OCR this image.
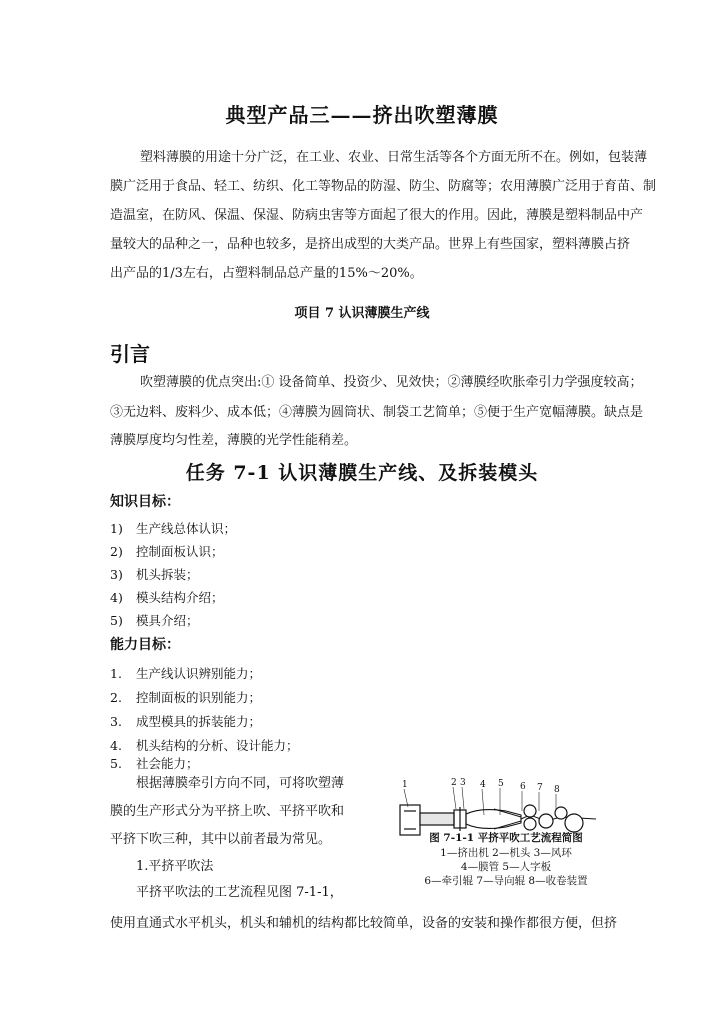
典型产品三——挤出吹塑薄膜
塑料薄膜的用途十分广泛，在工业、农业、日常生活等各个方面无所不在。例如，包装薄
膜广泛用于食品、轻工、纺织、化工等物品的防湿、防尘、防腐等；农用薄膜广泛用于育苗、制
造温室，在防风、保温、保湿、防病虫害等方面起了很大的作用。因此，薄膜是塑料制品中产
量较大的品种之一，品种也较多，是挤出成型的大类产品。世界上有些国家，塑料薄膜占挤
出产品的1/3左右，占塑料制品总产量的15%～20%。
项目 7 认识薄膜生产线
引言
吹塑薄膜的优点突出:① 设备简单、投资少、见效快；②薄膜经吹胀牵引力学强度较高；
③无边料、废料少、成本低；④薄膜为圆筒状、制袋工艺简单；⑤便于生产宽幅薄膜。缺点是
薄膜厚度均匀性差，薄膜的光学性能稍差。
任务 7-1 认识薄膜生产线、及拆装模头
知识目标：
1) 生产线总体认识；
2) 控制面板认识；
3) 机头拆装；
4) 模头结构介绍；
5) 模具介绍；
能力目标：
1. 生产线认识辨别能力；
2. 控制面板的识别能力；
3. 成型模具的拆装能力；
4. 机头结构的分析、设计能力；
5. 社会能力；
根据薄膜牵引方向不同，可将吹塑薄
膜的生产形式分为平挤上吹、平挤平吹和
平挤下吹三种，其中以前者最为常见。
1.平挤平吹法
平挤平吹法的工艺流程见图 7-1-1，
使用直通式水平机头，机头和辅机的结构都比较简单，设备的安装和操作都很方便，但挤
1	2 3 4 5 6 7 8
图 7-1-1 平挤平吹工艺流程简图
1—挤出机 2—机头 3—风环
4—膜管 5—人字板
6—牵引辊 7—导向辊 8—收卷装置
